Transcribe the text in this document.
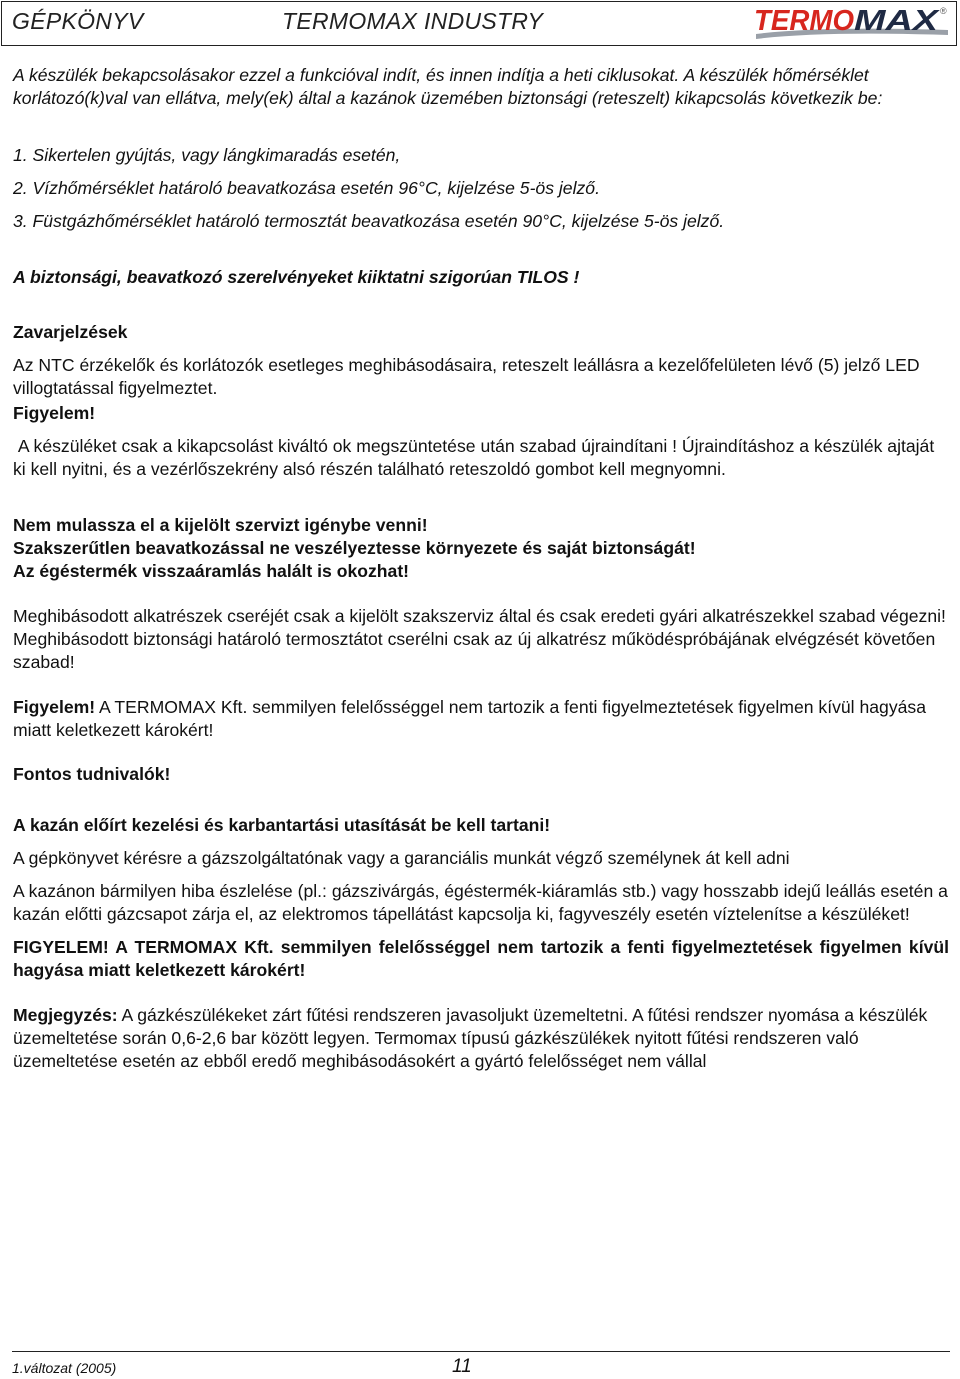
GÉPKÖNYV	TERMOMAX INDUSTRY	TERMO MAX ®

A készülék bekapcsolásakor ezzel a funkcióval indít, és innen indítja a heti ciklusokat. A készülék hőmérséklet korlátozó(k)val van ellátva, mely(ek) által a kazánok üzemében biztonsági (reteszelt) kikapcsolás következik be:

1. Sikertelen gyújtás, vagy lángkimaradás esetén,

2. Vízhőmérséklet határoló beavatkozása esetén 96°C, kijelzése 5-ös jelző.

3. Füstgázhőmérséklet határoló termosztát beavatkozása esetén 90°C, kijelzése 5-ös jelző.

A biztonsági, beavatkozó szerelvényeket kiiktatni szigorúan TILOS !

Zavarjelzések

Az NTC érzékelők és korlátozók esetleges meghibásodásaira, reteszelt leállásra a kezelőfelületen lévő (5) jelző LED villogtatással figyelmeztet.

Figyelem!

A készüléket csak a kikapcsolást kiváltó ok megszüntetése után szabad újraindítani ! Újraindításhoz a készülék ajtaját ki kell nyitni, és a vezérlőszekrény alsó részén található reteszoldó gombot kell megnyomni.

Nem mulassza el a kijelölt szervizt igénybe venni!

Szakszerűtlen beavatkozással ne veszélyeztesse környezete és saját biztonságát!

Az égéstermék visszaáramlás halált is okozhat!

Meghibásodott alkatrészek cseréjét csak a kijelölt szakszerviz által és csak eredeti gyári alkatrészekkel szabad végezni! Meghibásodott biztonsági határoló termosztátot cserélni csak az új alkatrész működéspróbájának elvégzését követően szabad!

Figyelem! A TERMOMAX Kft. semmilyen felelősséggel nem tartozik a fenti figyelmeztetések figyelmen kívül hagyása miatt keletkezett károkért!

Fontos tudnivalók!

A kazán előírt kezelési és karbantartási utasítását be kell tartani!

A gépkönyvet kérésre a gázszolgáltatónak vagy a garanciális munkát végző személynek át kell adni

A kazánon bármilyen hiba észlelése (pl.: gázszivárgás, égéstermék-kiáramlás stb.) vagy hosszabb idejű leállás esetén a kazán előtti gázcsapot zárja el, az elektromos tápellátást kapcsolja ki, fagyveszély esetén víztelenítse a készüléket!

FIGYELEM! A TERMOMAX Kft. semmilyen felelősséggel nem tartozik a fenti figyelmeztetések figyelmen kívül hagyása miatt keletkezett károkért!

Megjegyzés: A gázkészülékeket zárt fűtési rendszeren javasoljukt üzemeltetni. A fűtési rendszer nyomása a készülék üzemeltetése során 0,6-2,6 bar között legyen. Termomax típusú gázkészülékek nyitott fűtési rendszeren való üzemeltetése esetén az ebből eredő meghibásodásokért a gyártó felelősséget nem vállal

1.változat (2005)	11
